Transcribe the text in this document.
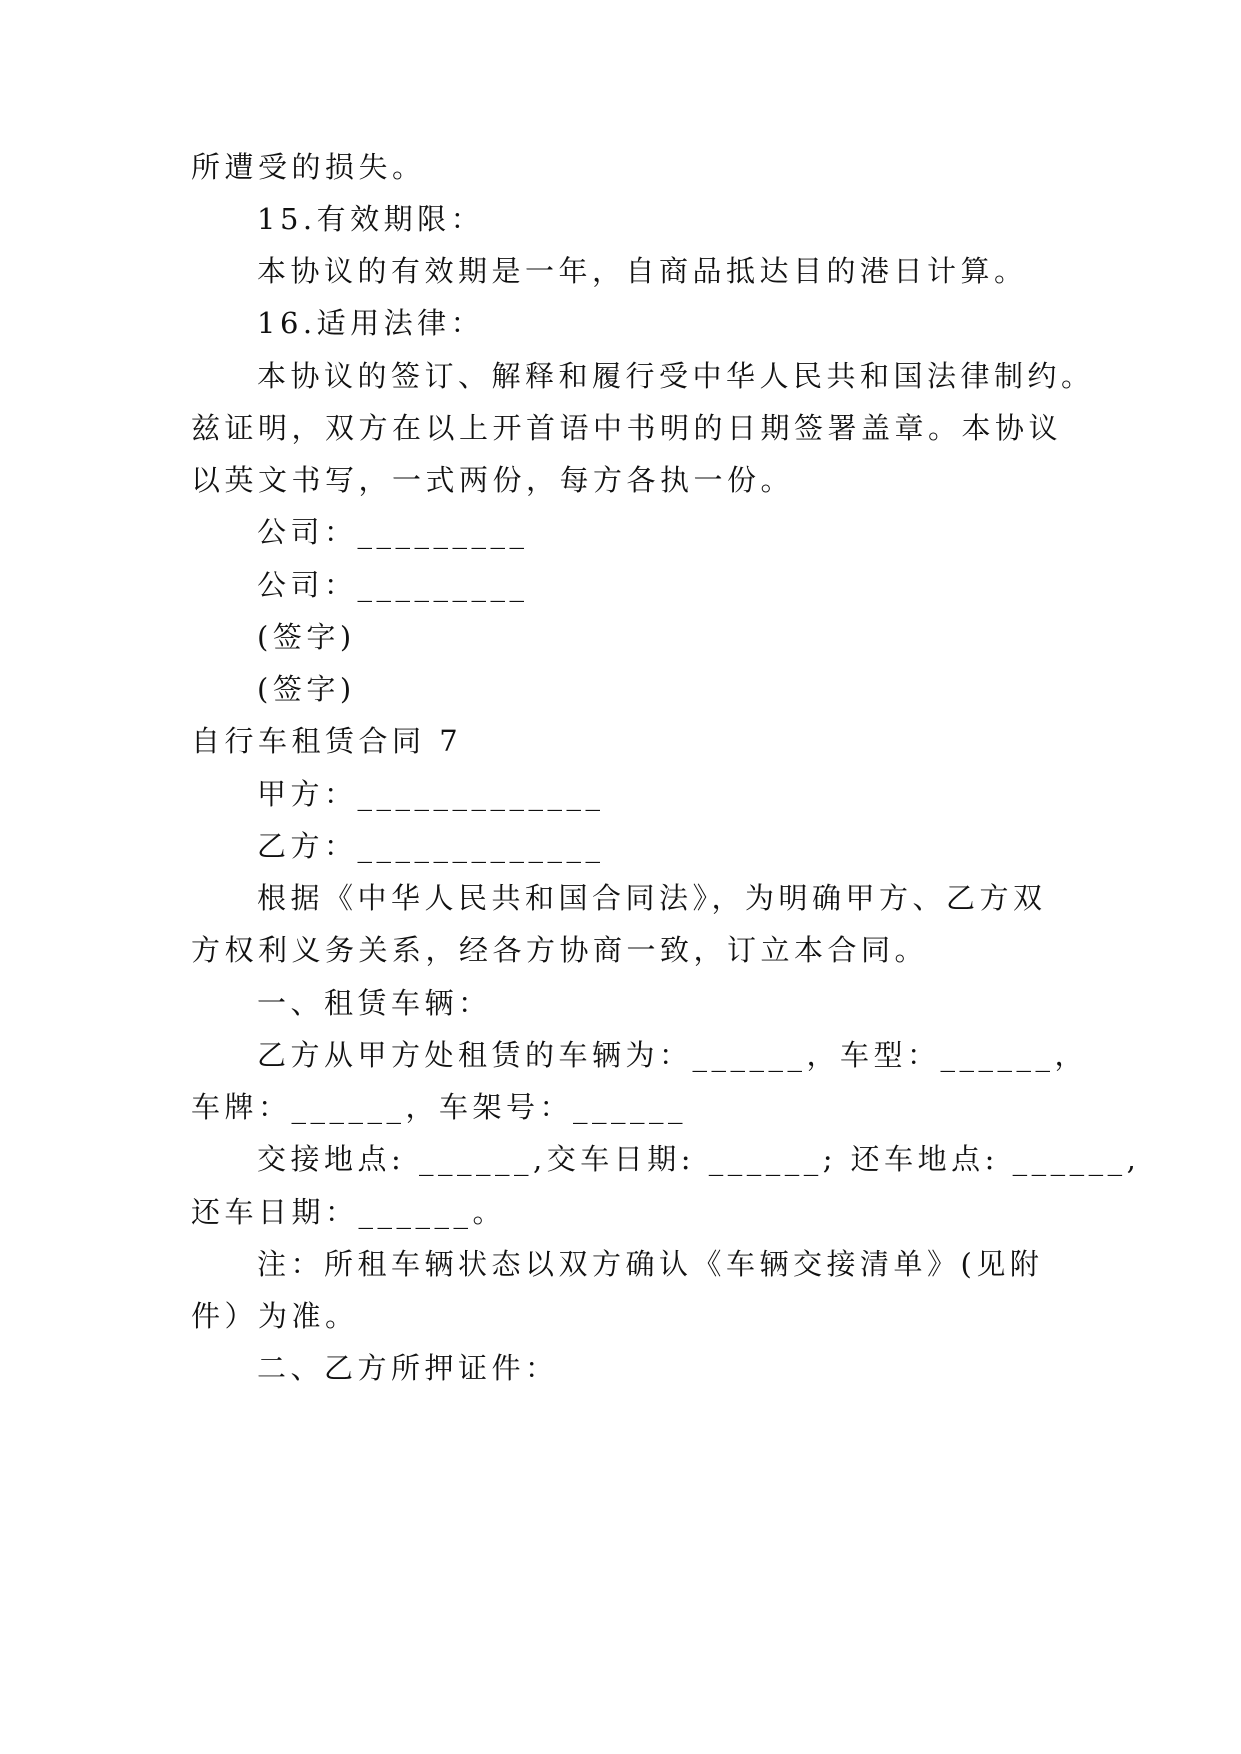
所遭受的损失。
15.有效期限：
本协议的有效期是一年，自商品抵达目的港日计算。
16.适用法律：
本协议的签订、解释和履行受中华人民共和国法律制约。
兹证明，双方在以上开首语中书明的日期签署盖章。本协议
以英文书写，一式两份，每方各执一份。
公司：_________
公司：_________
(签字)
(签字)
自行车租赁合同 7
甲方：_____________
乙方：_____________
根据《中华人民共和国合同法》，为明确甲方、乙方双
方权利义务关系，经各方协商一致，订立本合同。
一、租赁车辆：
乙方从甲方处租赁的车辆为：______，车型：______，
车牌：______，车架号：______
交接地点: ______,交车日期: ______; 还车地点: ______,
还车日期：______。
注：所租车辆状态以双方确认《车辆交接清单》(见附
件）为准。
二、乙方所押证件：
